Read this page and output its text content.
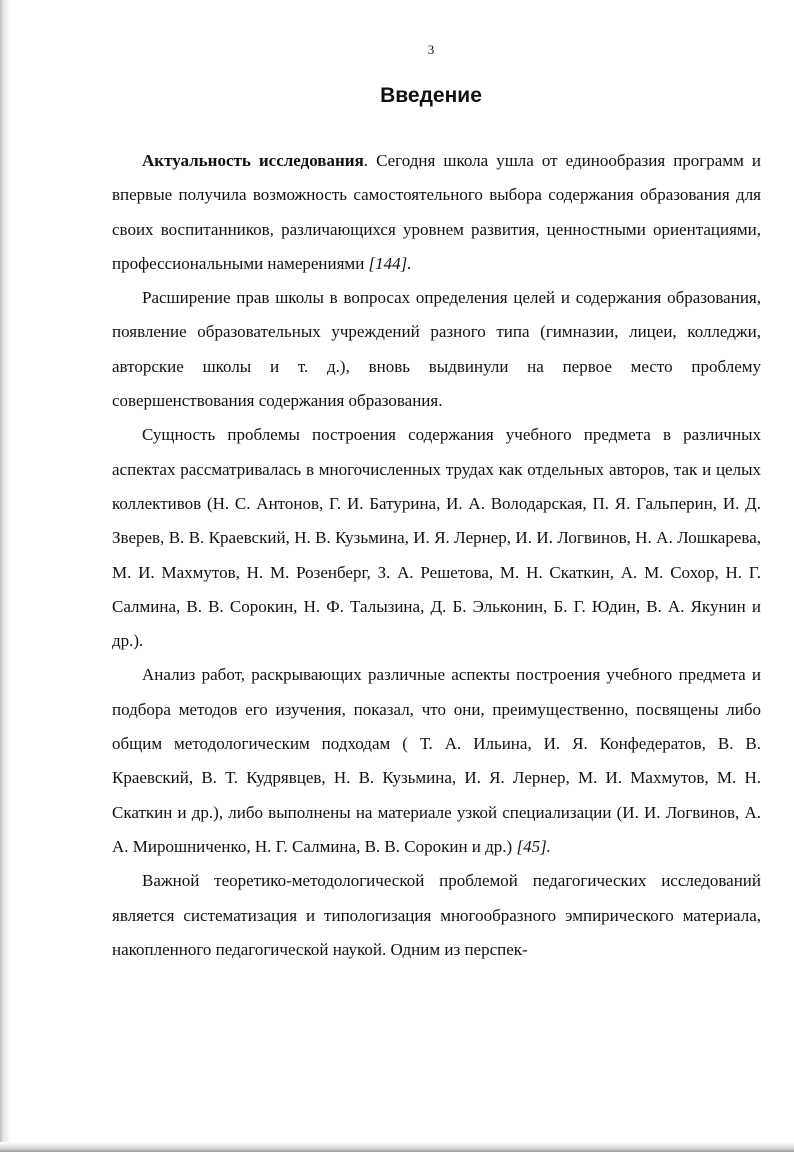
3
Введение

Актуальность исследования. Сегодня школа ушла от единообразия программ и впервые получила возможность самостоятельного выбора содержания образования для своих воспитанников, различающихся уровнем развития, ценностными ориентациями, профессиональными намерениями [144].

Расширение прав школы в вопросах определения целей и содержания образования, появление образовательных учреждений разного типа (гимназии, лицеи, колледжи, авторские школы и т. д.), вновь выдвинули на первое место проблему совершенствования содержания образования.

Сущность проблемы построения содержания учебного предмета в различных аспектах рассматривалась в многочисленных трудах как отдельных авторов, так и целых коллективов (Н. С. Антонов, Г. И. Батурина, И. А. Володарская, П. Я. Гальперин, И. Д. Зверев, В. В. Краевский, Н. В. Кузьмина, И. Я. Лернер, И. И. Логвинов, Н. А. Лошкарева, М. И. Махмутов, Н. М. Розенберг, З. А. Решетова, М. Н. Скаткин, А. М. Сохор, Н. Г. Салмина, В. В. Сорокин, Н. Ф. Талызина, Д. Б. Эльконин, Б. Г. Юдин, В. А. Якунин и др.).

Анализ работ, раскрывающих различные аспекты построения учебного предмета и подбора методов его изучения, показал, что они, преимущественно, посвящены либо общим методологическим подходам ( Т. А. Ильина, И. Я. Конфедератов, В. В. Краевский, В. Т. Кудрявцев, Н. В. Кузьмина, И. Я. Лернер, М. И. Махмутов, М. Н. Скаткин и др.), либо выполнены на материале узкой специализации (И. И. Логвинов, А. А. Мирошниченко, Н. Г. Салмина, В. В. Сорокин и др.) [45].

Важной теоретико-методологической проблемой педагогических исследований является систематизация и типологизация многообразного эмпирического материала, накопленного педагогической наукой. Одним из перспек-
